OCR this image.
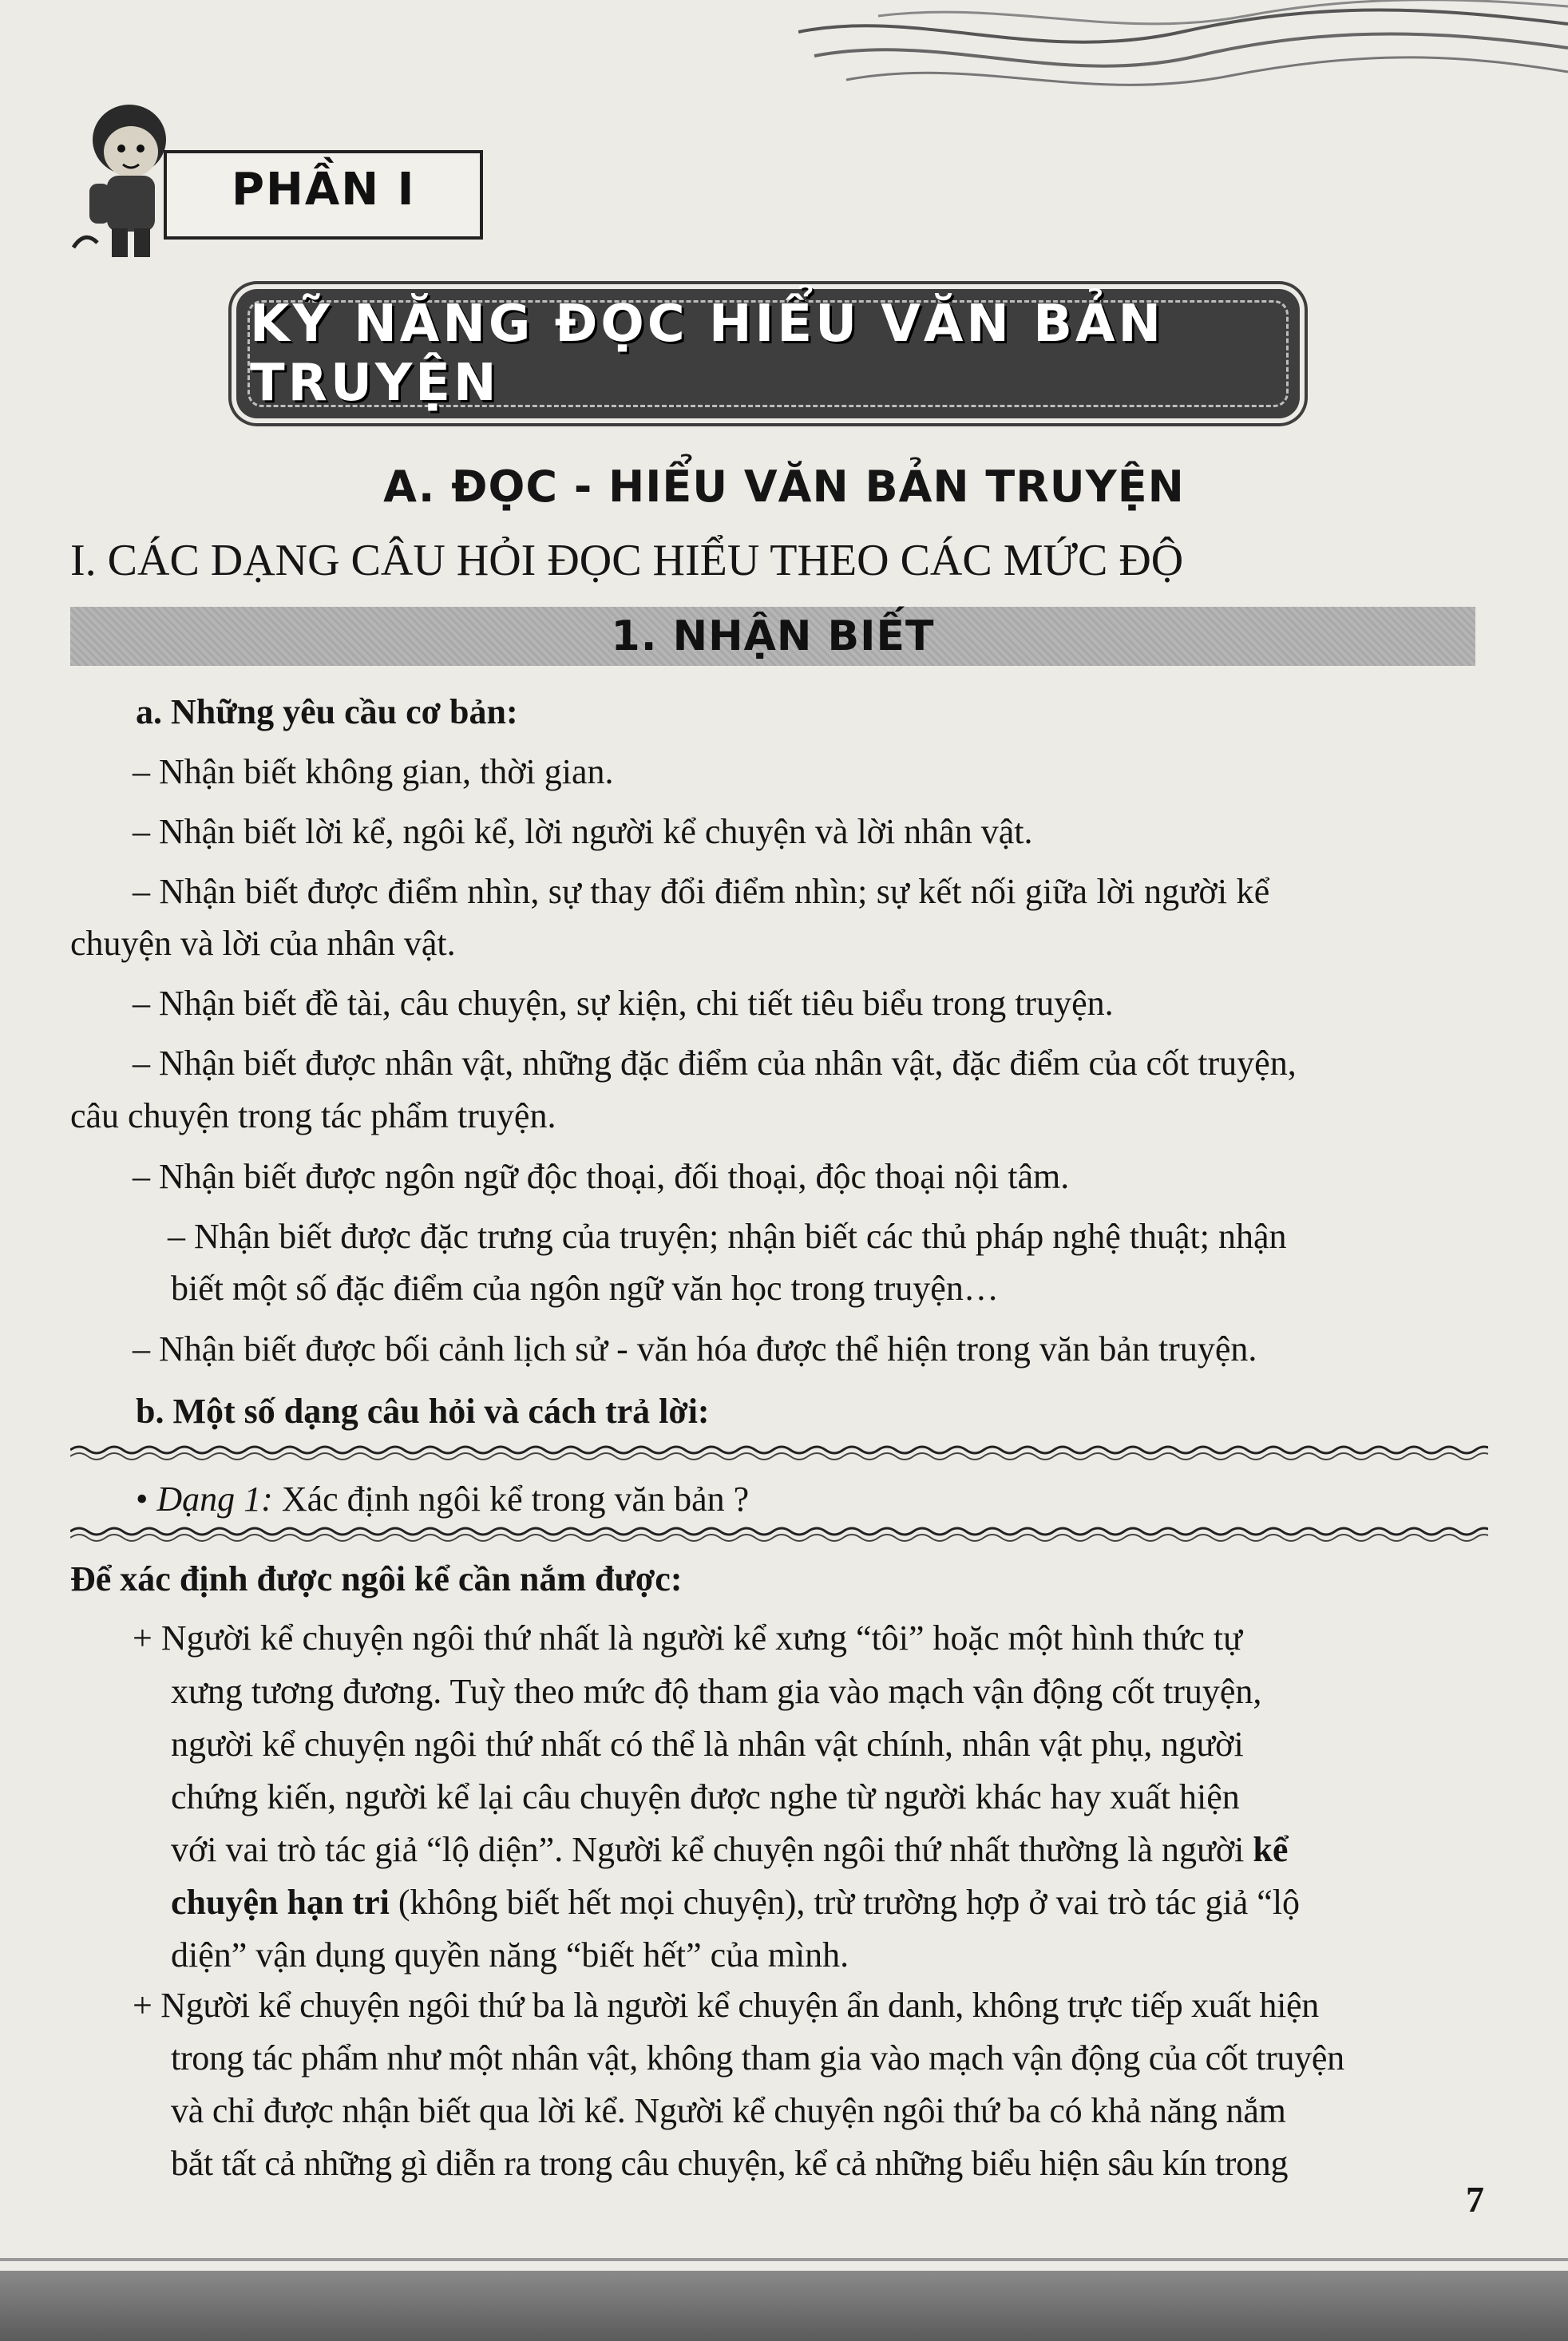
PHẦN I
KỸ NĂNG ĐỌC HIỂU VĂN BẢN TRUYỆN
A. ĐỌC - HIỂU VĂN BẢN TRUYỆN
I. CÁC DẠNG CÂU HỎI ĐỌC HIỂU THEO CÁC MỨC ĐỘ
1. NHẬN BIẾT
a. Những yêu cầu cơ bản:
– Nhận biết không gian, thời gian.
– Nhận biết lời kể, ngôi kể, lời người kể chuyện và lời nhân vật.
– Nhận biết được điểm nhìn, sự thay đổi điểm nhìn; sự kết nối giữa lời người kể
chuyện và lời của nhân vật.
– Nhận biết đề tài, câu chuyện, sự kiện, chi tiết tiêu biểu trong truyện.
– Nhận biết được nhân vật, những đặc điểm của nhân vật, đặc điểm của cốt truyện,
câu chuyện trong tác phẩm truyện.
– Nhận biết được ngôn ngữ độc thoại, đối thoại, độc thoại nội tâm.
– Nhận biết được đặc trưng của truyện; nhận biết các thủ pháp nghệ thuật; nhận
biết một số đặc điểm của ngôn ngữ văn học trong truyện…
– Nhận biết được bối cảnh lịch sử - văn hóa được thể hiện trong văn bản truyện.
b. Một số dạng câu hỏi và cách trả lời:
• Dạng 1: Xác định ngôi kể trong văn bản ?
Để xác định được ngôi kể cần nắm được:
+ Người kể chuyện ngôi thứ nhất là người kể xưng “tôi” hoặc một hình thức tự
xưng tương đương. Tuỳ theo mức độ tham gia vào mạch vận động cốt truyện,
người kể chuyện ngôi thứ nhất có thể là nhân vật chính, nhân vật phụ, người
chứng kiến, người kể lại câu chuyện được nghe từ người khác hay xuất hiện
với vai trò tác giả “lộ diện”. Người kể chuyện ngôi thứ nhất thường là người kể
chuyện hạn tri (không biết hết mọi chuyện), trừ trường hợp ở vai trò tác giả “lộ
diện” vận dụng quyền năng “biết hết” của mình.
+ Người kể chuyện ngôi thứ ba là người kể chuyện ẩn danh, không trực tiếp xuất hiện
trong tác phẩm như một nhân vật, không tham gia vào mạch vận động của cốt truyện
và chỉ được nhận biết qua lời kể. Người kể chuyện ngôi thứ ba có khả năng nắm
bắt tất cả những gì diễn ra trong câu chuyện, kể cả những biểu hiện sâu kín trong
7
